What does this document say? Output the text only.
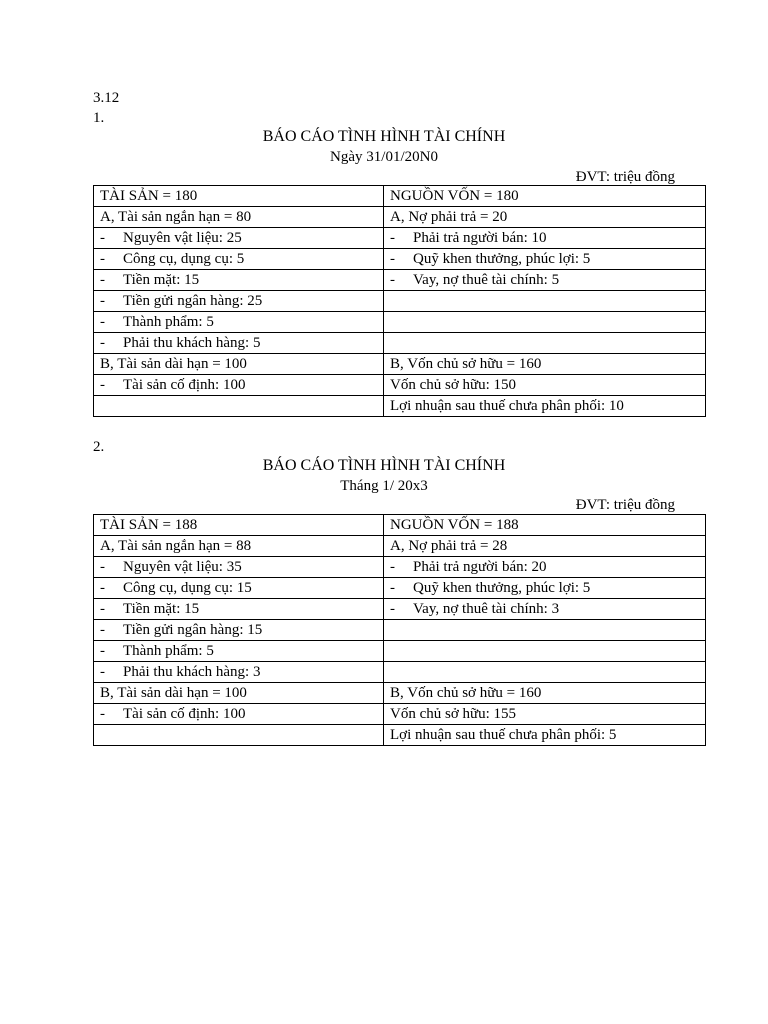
3.12
1.
BÁO CÁO TÌNH HÌNH TÀI CHÍNH
Ngày 31/01/20N0
ĐVT: triệu đồng
TÀI SẢN = 180	NGUỒN VỐN = 180
A, Tài sản ngắn hạn = 80	A, Nợ phải trả = 20
- Nguyên vật liệu: 25	- Phải trả người bán: 10
- Công cụ, dụng cụ: 5	- Quỹ khen thưởng, phúc lợi: 5
- Tiền mặt: 15	- Vay, nợ thuê tài chính: 5
- Tiền gửi ngân hàng: 25	
- Thành phẩm: 5	
- Phải thu khách hàng: 5	
B, Tài sản dài hạn = 100	B, Vốn chủ sở hữu = 160
- Tài sản cố định: 100	Vốn chủ sở hữu: 150
	Lợi nhuận sau thuế chưa phân phối: 10
2.
BÁO CÁO TÌNH HÌNH TÀI CHÍNH
Tháng 1/ 20x3
ĐVT: triệu đồng
TÀI SẢN = 188	NGUỒN VỐN = 188
A, Tài sản ngắn hạn = 88	A, Nợ phải trả = 28
- Nguyên vật liệu: 35	- Phải trả người bán: 20
- Công cụ, dụng cụ: 15	- Quỹ khen thưởng, phúc lợi: 5
- Tiền mặt: 15	- Vay, nợ thuê tài chính: 3
- Tiền gửi ngân hàng: 15	
- Thành phẩm: 5	
- Phải thu khách hàng: 3	
B, Tài sản dài hạn = 100	B, Vốn chủ sở hữu = 160
- Tài sản cố định: 100	Vốn chủ sở hữu: 155
	Lợi nhuận sau thuế chưa phân phối: 5
